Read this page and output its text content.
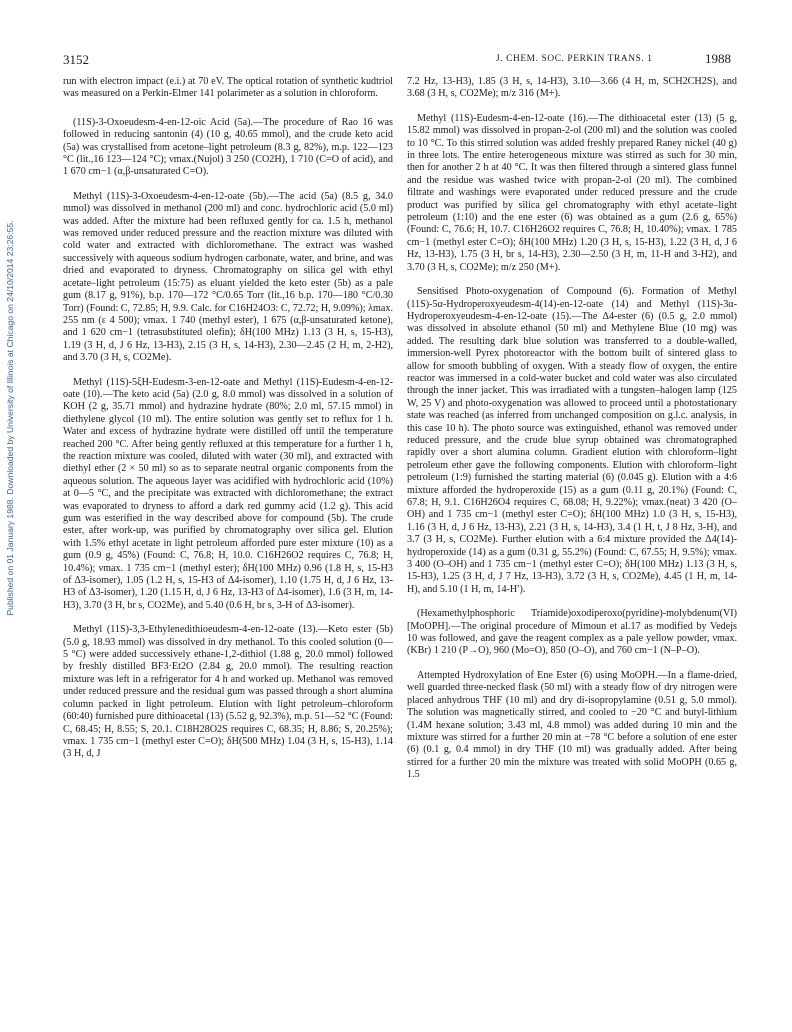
3152	J. CHEM. SOC. PERKIN TRANS. 1	1988
Published on 01 January 1988. Downloaded by University of Illinois at Chicago on 24/10/2014 23:26:55.

run with electron impact (e.i.) at 70 eV. The optical rotation of synthetic kudtriol was measured on a Perkin-Elmer 141 polarimeter as a solution in chloroform.

(11S)-3-Oxoeudesm-4-en-12-oic Acid (5a).—The procedure of Rao 16 was followed in reducing santonin (4) (10 g, 40.65 mmol), and the crude keto acid (5a) was crystallised from acetone–light petroleum (8.3 g, 82%), m.p. 122—123 °C (lit.,16 123—124 °C); νmax.(Nujol) 3 250 (CO2H), 1 710 (C=O of acid), and 1 670 cm−1 (α,β-unsaturated C=O).

Methyl (11S)-3-Oxoeudesm-4-en-12-oate (5b).—The acid (5a) (8.5 g, 34.0 mmol) was dissolved in methanol (200 ml) and conc. hydrochloric acid (5.0 ml) was added. After the mixture had been refluxed gently for ca. 1.5 h, methanol was removed under reduced pressure and the reaction mixture was diluted with cold water and extracted with dichloromethane. The extract was washed successively with aqueous sodium hydrogen carbonate, water, and brine, and was dried and evaporated to dryness. Chromatography on silica gel with ethyl acetate–light petroleum (15:75) as eluant yielded the keto ester (5b) as a pale gum (8.17 g, 91%), b.p. 170—172 °C/0.65 Torr (lit.,16 b.p. 170—180 °C/0.30 Torr) (Found: C, 72.85; H, 9.9. Calc. for C16H24O3: C, 72.72; H, 9.09%); λmax. 255 nm (ε 4 500); νmax. 1 740 (methyl ester), 1 675 (α,β-unsaturated ketone), and 1 620 cm−1 (tetrasubstituted olefin); δH(100 MHz) 1.13 (3 H, s, 15-H3), 1.19 (3 H, d, J 6 Hz, 13-H3), 2.15 (3 H, s, 14-H3), 2.30—2.45 (2 H, m, 2-H2), and 3.70 (3 H, s, CO2Me).

Methyl (11S)-5ξH-Eudesm-3-en-12-oate and Methyl (11S)-Eudesm-4-en-12-oate (10).—The keto acid (5a) (2.0 g, 8.0 mmol) was dissolved in a solution of KOH (2 g, 35.71 mmol) and hydrazine hydrate (80%; 2.0 ml, 57.15 mmol) in diethylene glycol (10 ml). The entire solution was gently set to reflux for 1 h. Water and excess of hydrazine hydrate were distilled off until the temperature reached 200 °C. After being gently refluxed at this temperature for a further 1 h, the reaction mixture was cooled, diluted with water (30 ml), and extracted with diethyl ether (2 × 50 ml) so as to separate neutral organic components from the aqueous solution. The aqueous layer was acidified with hydrochloric acid (10%) at 0—5 °C, and the precipitate was extracted with dichloromethane; the extract was evaporated to dryness to afford a dark red gummy acid (1.2 g). This acid gum was esterified in the way described above for compound (5b). The crude ester, after work-up, was purified by chromatography over silica gel. Elution with 1.5% ethyl acetate in light petroleum afforded pure ester mixture (10) as a gum (0.9 g, 45%) (Found: C, 76.8; H, 10.0. C16H26O2 requires C, 76.8; H, 10.4%); νmax. 1 735 cm−1 (methyl ester); δH(100 MHz) 0.96 (1.8 H, s, 15-H3 of Δ3-isomer), 1.05 (1.2 H, s, 15-H3 of Δ4-isomer), 1.10 (1.75 H, d, J 6 Hz, 13-H3 of Δ3-isomer), 1.20 (1.15 H, d, J 6 Hz, 13-H3 of Δ4-isomer), 1.6 (3 H, m, 14-H3), 3.70 (3 H, br s, CO2Me), and 5.40 (0.6 H, br s, 3-H of Δ3-isomer).

Methyl (11S)-3,3-Ethylenedithioeudesm-4-en-12-oate (13).—Keto ester (5b) (5.0 g, 18.93 mmol) was dissolved in dry methanol. To this cooled solution (0—5 °C) were added successively ethane-1,2-dithiol (1.88 g, 20.0 mmol) followed by freshly distilled BF3·Et2O (2.84 g, 20.0 mmol). The resulting reaction mixture was left in a refrigerator for 4 h and worked up. Methanol was removed under reduced pressure and the residual gum was passed through a short alumina column packed in light petroleum. Elution with light petroleum–chloroform (60:40) furnished pure dithioacetal (13) (5.52 g, 92.3%), m.p. 51—52 °C (Found: C, 68.45; H, 8.55; S, 20.1. C18H28O2S requires C, 68.35; H, 8.86; S, 20.25%); νmax. 1 735 cm−1 (methyl ester C=O); δH(500 MHz) 1.04 (3 H, s, 15-H3), 1.14 (3 H, d, J

7.2 Hz, 13-H3), 1.85 (3 H, s, 14-H3), 3.10—3.66 (4 H, m, SCH2CH2S), and 3.68 (3 H, s, CO2Me); m/z 316 (M+).

Methyl (11S)-Eudesm-4-en-12-oate (16).—The dithioacetal ester (13) (5 g, 15.82 mmol) was dissolved in propan-2-ol (200 ml) and the solution was cooled to 10 °C. To this stirred solution was added freshly prepared Raney nickel (40 g) in three lots. The entire heterogeneous mixture was stirred as such for 30 min, then for another 2 h at 40 °C. It was then filtered through a sintered glass funnel and the residue was washed twice with propan-2-ol (20 ml). The combined filtrate and washings were evaporated under reduced pressure and the crude product was purified by silica gel chromatography with ethyl acetate–light petroleum (1:10) and the ene ester (6) was obtained as a gum (2.6 g, 65%) (Found: C, 76.6; H, 10.7. C16H26O2 requires C, 76.8; H, 10.40%); νmax. 1 785 cm−1 (methyl ester C=O); δH(100 MHz) 1.20 (3 H, s, 15-H3), 1.22 (3 H, d, J 6 Hz, 13-H3), 1.75 (3 H, br s, 14-H3), 2.30—2.50 (3 H, m, 11-H and 3-H2), and 3.70 (3 H, s, CO2Me); m/z 250 (M+).

Sensitised Photo-oxygenation of Compound (6). Formation of Methyl (11S)-5α-Hydroperoxyeudesm-4(14)-en-12-oate (14) and Methyl (11S)-3α-Hydroperoxyeudesm-4-en-12-oate (15).—The Δ4-ester (6) (0.5 g, 2.0 mmol) was dissolved in absolute ethanol (50 ml) and Methylene Blue (10 mg) was added. The resulting dark blue solution was transferred to a double-walled, immersion-well Pyrex photoreactor with the bottom built of sintered glass to allow for smooth bubbling of oxygen. With a steady flow of oxygen, the entire reactor was immersed in a cold-water bucket and cold water was also circulated through the inner jacket. This was irradiated with a tungsten–halogen lamp (125 W, 25 V) and photo-oxygenation was allowed to proceed until a photostationary state was reached (as inferred from unchanged composition on g.l.c. analysis, in this case 10 h). The photo source was extinguished, ethanol was removed under reduced pressure, and the crude blue syrup obtained was chromatographed rapidly over a short alumina column. Gradient elution with chloroform–light petroleum ether gave the following components. Elution with chloroform–light petroleum (1:9) furnished the starting material (6) (0.045 g). Elution with a 4:6 mixture afforded the hydroperoxide (15) as a gum (0.11 g, 20.1%) (Found: C, 67.8; H, 9.1. C16H26O4 requires C, 68.08; H, 9.22%); νmax.(neat) 3 420 (O–OH) and 1 735 cm−1 (methyl ester C=O); δH(100 MHz) 1.0 (3 H, s, 15-H3), 1.16 (3 H, d, J 6 Hz, 13-H3), 2.21 (3 H, s, 14-H3), 3.4 (1 H, t, J 8 Hz, 3-H), and 3.7 (3 H, s, CO2Me). Further elution with a 6:4 mixture provided the Δ4(14)-hydroperoxide (14) as a gum (0.31 g, 55.2%) (Found: C, 67.55; H, 9.5%); νmax. 3 400 (O–OH) and 1 735 cm−1 (methyl ester C=O); δH(100 MHz) 1.13 (3 H, s, 15-H3), 1.25 (3 H, d, J 7 Hz, 13-H3), 3.72 (3 H, s, CO2Me), 4.45 (1 H, m, 14-H), and 5.10 (1 H, m, 14-H′).

(Hexamethylphosphoric Triamide)oxodiperoxo(pyridine)-molybdenum(VI) [MoOPH].—The original procedure of Mimoun et al.17 as modified by Vedejs 10 was followed, and gave the reagent complex as a pale yellow powder, νmax.(KBr) 1 210 (P→O), 960 (Mo=O), 850 (O–O), and 760 cm−1 (N–P–O).

Attempted Hydroxylation of Ene Ester (6) using MoOPH.—In a flame-dried, well guarded three-necked flask (50 ml) with a steady flow of dry nitrogen were placed anhydrous THF (10 ml) and dry di-isopropylamine (0.51 g, 5.0 mmol). The solution was magnetically stirred, and cooled to −20 °C and butyl-lithium (1.4M hexane solution; 3.43 ml, 4.8 mmol) was added during 10 min and the mixture was stirred for a further 20 min at −78 °C before a solution of ene ester (6) (0.1 g, 0.4 mmol) in dry THF (10 ml) was gradually added. After being stirred for a further 20 min the mixture was treated with solid MoOPH (0.65 g, 1.5
